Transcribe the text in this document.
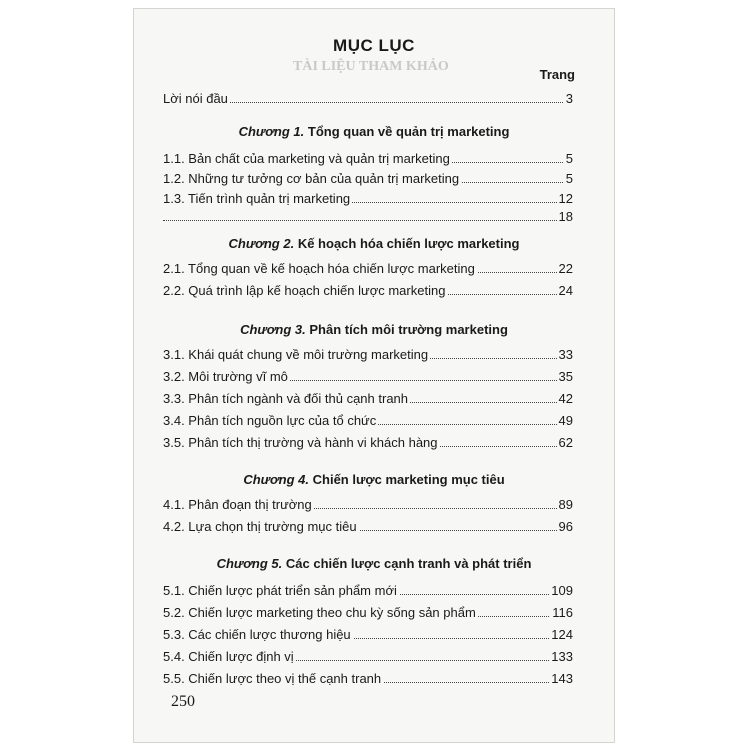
MỤC LỤC
Trang
Lời nói đầu	3
Chương 1. Tổng quan về quản trị marketing
1.1. Bản chất của marketing và quản trị marketing	5
1.2. Những tư tưởng cơ bản của quản trị marketing	5
1.3. Tiến trình quản trị marketing	12
18
Chương 2. Kế hoạch hóa chiến lược marketing
2.1. Tổng quan về kế hoạch hóa chiến lược marketing	22
2.2. Quá trình lập kế hoạch chiến lược marketing	24
Chương 3. Phân tích môi trường marketing
3.1. Khái quát chung về môi trường marketing	33
3.2. Môi trường vĩ mô	35
3.3. Phân tích ngành và đối thủ cạnh tranh	42
3.4. Phân tích nguồn lực của tổ chức	49
3.5. Phân tích thị trường và hành vi khách hàng	62
Chương 4. Chiến lược marketing mục tiêu
4.1. Phân đoạn thị trường	89
4.2. Lựa chọn thị trường mục tiêu	96
Chương 5. Các chiến lược cạnh tranh và phát triển
5.1. Chiến lược phát triển sản phẩm mới	109
5.2. Chiến lược marketing theo chu kỳ sống sản phẩm	116
5.3. Các chiến lược thương hiệu	124
5.4. Chiến lược định vị	133
5.5. Chiến lược theo vị thế cạnh tranh	143
250
TÀI LIỆU THAM KHẢO
